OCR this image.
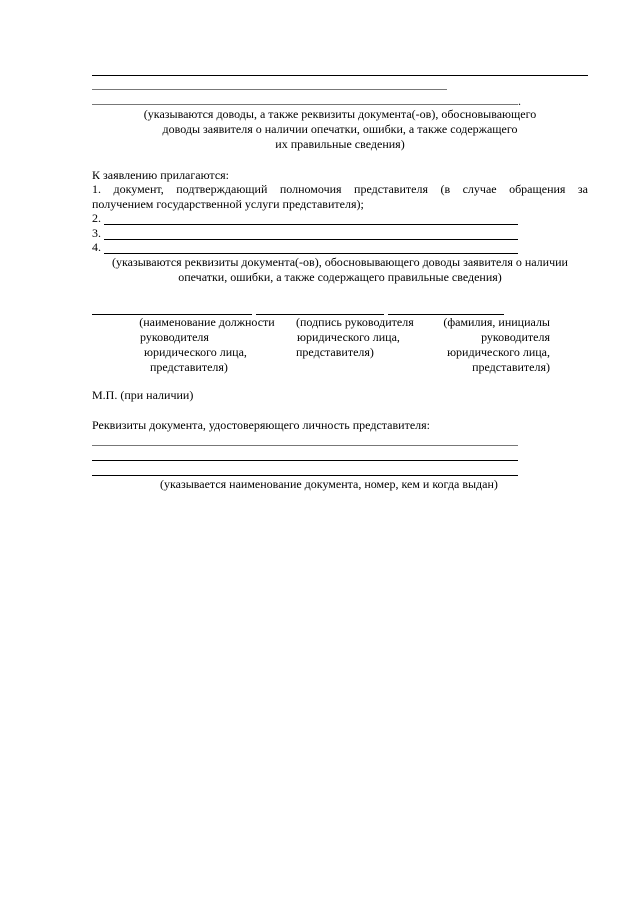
.
(указываются доводы, а также реквизиты документа(-ов), обосновывающего
доводы заявителя о наличии опечатки, ошибки, а также содержащего
их правильные сведения)
К заявлению прилагаются:
1. документ, подтверждающий полномочия представителя (в случае обращения за
получением государственной услуги представителя);
2.
3.
4.
(указываются реквизиты документа(-ов), обосновывающего доводы заявителя о наличии
опечатки, ошибки, а также содержащего правильные сведения)
(наименование должности
руководителя
юридического лица,
представителя)
(подпись руководителя
юридического лица,
представителя)
(фамилия, инициалы
руководителя
юридического лица,
представителя)
М.П. (при наличии)
Реквизиты документа, удостоверяющего личность представителя:
(указывается наименование документа, номер, кем и когда выдан)
